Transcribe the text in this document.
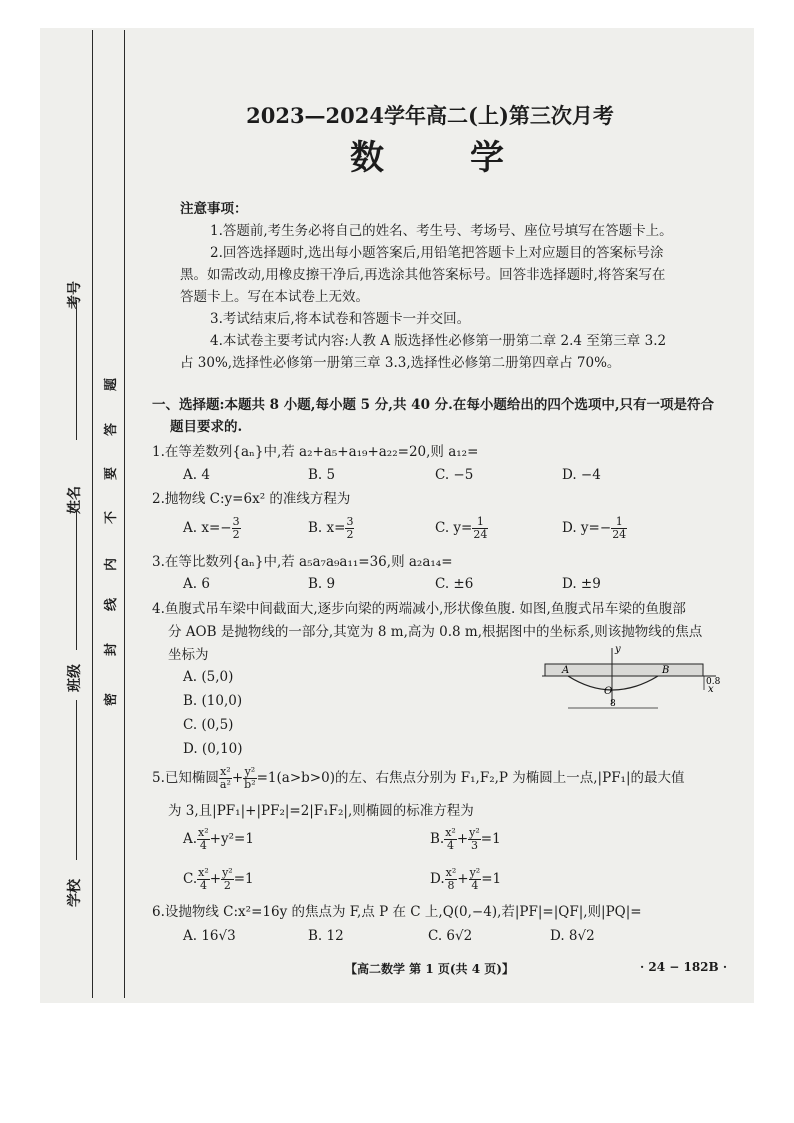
考号
姓名
班级
学校
密
封
线
内
不
要
答
题
2023—2024学年高二(上)第三次月考
数　　学
注意事项：
1.答题前,考生务必将自己的姓名、考生号、考场号、座位号填写在答题卡上。
2.回答选择题时,选出每小题答案后,用铅笔把答题卡上对应题目的答案标号涂
黑。如需改动,用橡皮擦干净后,再选涂其他答案标号。回答非选择题时,将答案写在
答题卡上。写在本试卷上无效。
3.考试结束后,将本试卷和答题卡一并交回。
4.本试卷主要考试内容:人教 A 版选择性必修第一册第二章 2.4 至第三章 3.2
占 30%,选择性必修第一册第三章 3.3,选择性必修第二册第四章占 70%。
一、选择题:本题共 8 小题,每小题 5 分,共 40 分.在每小题给出的四个选项中,只有一项是符合
题目要求的.
1.在等差数列{aₙ}中,若 a₂+a₅+a₁₉+a₂₂=20,则 a₁₂=
A. 4	B. 5	C. −5	D. −4
2.抛物线 C:y=6x² 的准线方程为
A. $x=- \frac{3}{2}$	B. $x= \frac{3}{2}$	C. $y= \frac{1}{24}$	D. $y=- \frac{1}{24}$
3.在等比数列{aₙ}中,若 a₅a₇a₉a₁₁=36,则 a₂a₁₄=
A. 6	B. 9	C. ±6	D. ±9
4.鱼腹式吊车梁中间截面大,逐步向梁的两端减小,形状像鱼腹. 如图,鱼腹式吊车梁的鱼腹部
分 AOB 是抛物线的一部分,其宽为 8 m,高为 0.8 m,根据图中的坐标系,则该抛物线的焦点
坐标为
A. (5,0)
B. (10,0)
C. (0,5)
D. (0,10)
y
A	B
O	x
0.8
8
5.已知椭圆 $\frac{\text{x²}}{\text{a²}} + \frac{\text{y²}}{\text{b²}} =1(a>b>0)$的左、右焦点分别为 F₁,F₂,P 为椭圆上一点,|PF₁|的最大值
为 3,且|PF₁|+|PF₂|=2|F₁F₂|,则椭圆的标准方程为
A. $\frac{\text{x²}}{4} +y^2=1$	B. $\frac{\text{x²}}{4} + \frac{\text{y²}}{3} =1$
C. $\frac{\text{x²}}{4} + \frac{\text{y²}}{2} =1$	D. $\frac{\text{x²}}{8} + \frac{\text{y²}}{4} =1$
6.设抛物线 C:x²=16y 的焦点为 F,点 P 在 C 上,Q(0,−4),若|PF|=|QF|,则|PQ|=
A. 16√3	B. 12	C. 6√2	D. 8√2
【高二数学 第 1 页(共 4 页)】	· 24 − 182B ·
